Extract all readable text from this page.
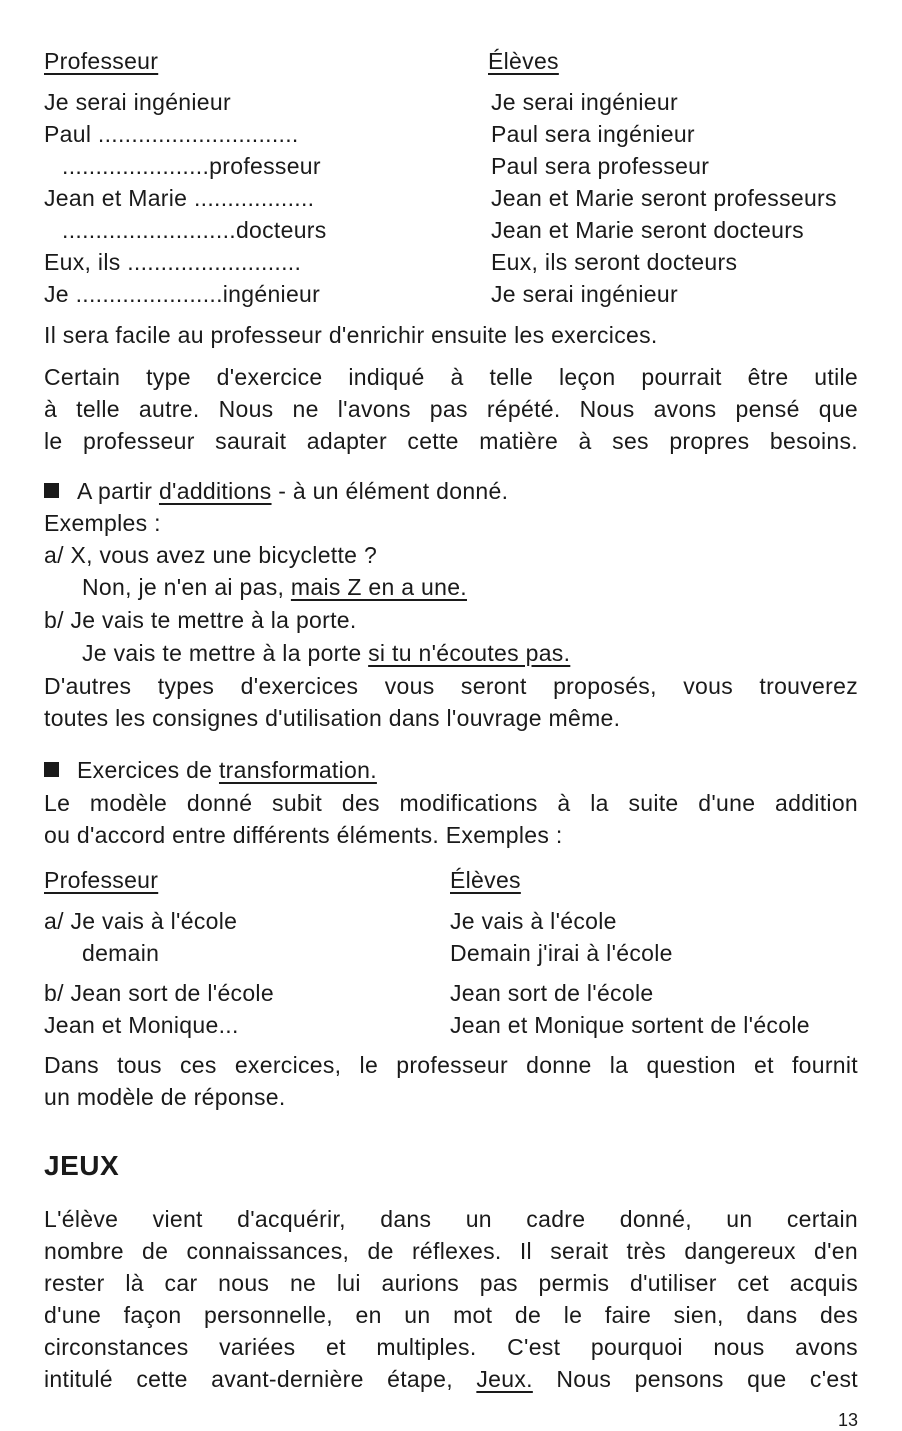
Professeur	Élèves
Je serai ingénieur	Je serai ingénieur
Paul ..............................	Paul sera ingénieur
......................professeur	Paul sera professeur
Jean et Marie ..................	Jean et Marie seront professeurs
..........................docteurs	Jean et Marie seront docteurs
Eux, ils ..........................	Eux, ils seront docteurs
Je ......................ingénieur	Je serai ingénieur
Il sera facile au professeur d'enrichir ensuite les exercices.

Certain type d'exercice indiqué à telle leçon pourrait être utile

à telle autre. Nous ne l'avons pas répété. Nous avons pensé que

le professeur saurait adapter cette matière à ses propres besoins.

A partir d'additions - à un élément donné.
Exemples :
a/ X, vous avez une bicyclette ?
Non, je n'en ai pas, mais Z en a une.
b/ Je vais te mettre à la porte.
Je vais te mettre à la porte si tu n'écoutes pas.

D'autres types d'exercices vous seront proposés, vous trouverez

toutes les consignes d'utilisation dans l'ouvrage même.

Exercices de transformation.

Le modèle donné subit des modifications à la suite d'une addition

ou d'accord entre différents éléments. Exemples :

Professeur	Élèves
a/ Je vais à l'école	Je vais à l'école
demain	Demain j'irai à l'école
b/ Jean sort de l'école	Jean sort de l'école
Jean et Monique...	Jean et Monique sortent de l'école

Dans tous ces exercices, le professeur donne la question et fournit

un modèle de réponse.

JEUX

L'élève vient d'acquérir, dans un cadre donné, un certain

nombre de connaissances, de réflexes. Il serait très dangereux d'en

rester là car nous ne lui aurions pas permis d'utiliser cet acquis

d'une façon personnelle, en un mot de le faire sien, dans des

circonstances variées et multiples. C'est pourquoi nous avons

intitulé cette avant-dernière étape, Jeux. Nous pensons que c'est

13
